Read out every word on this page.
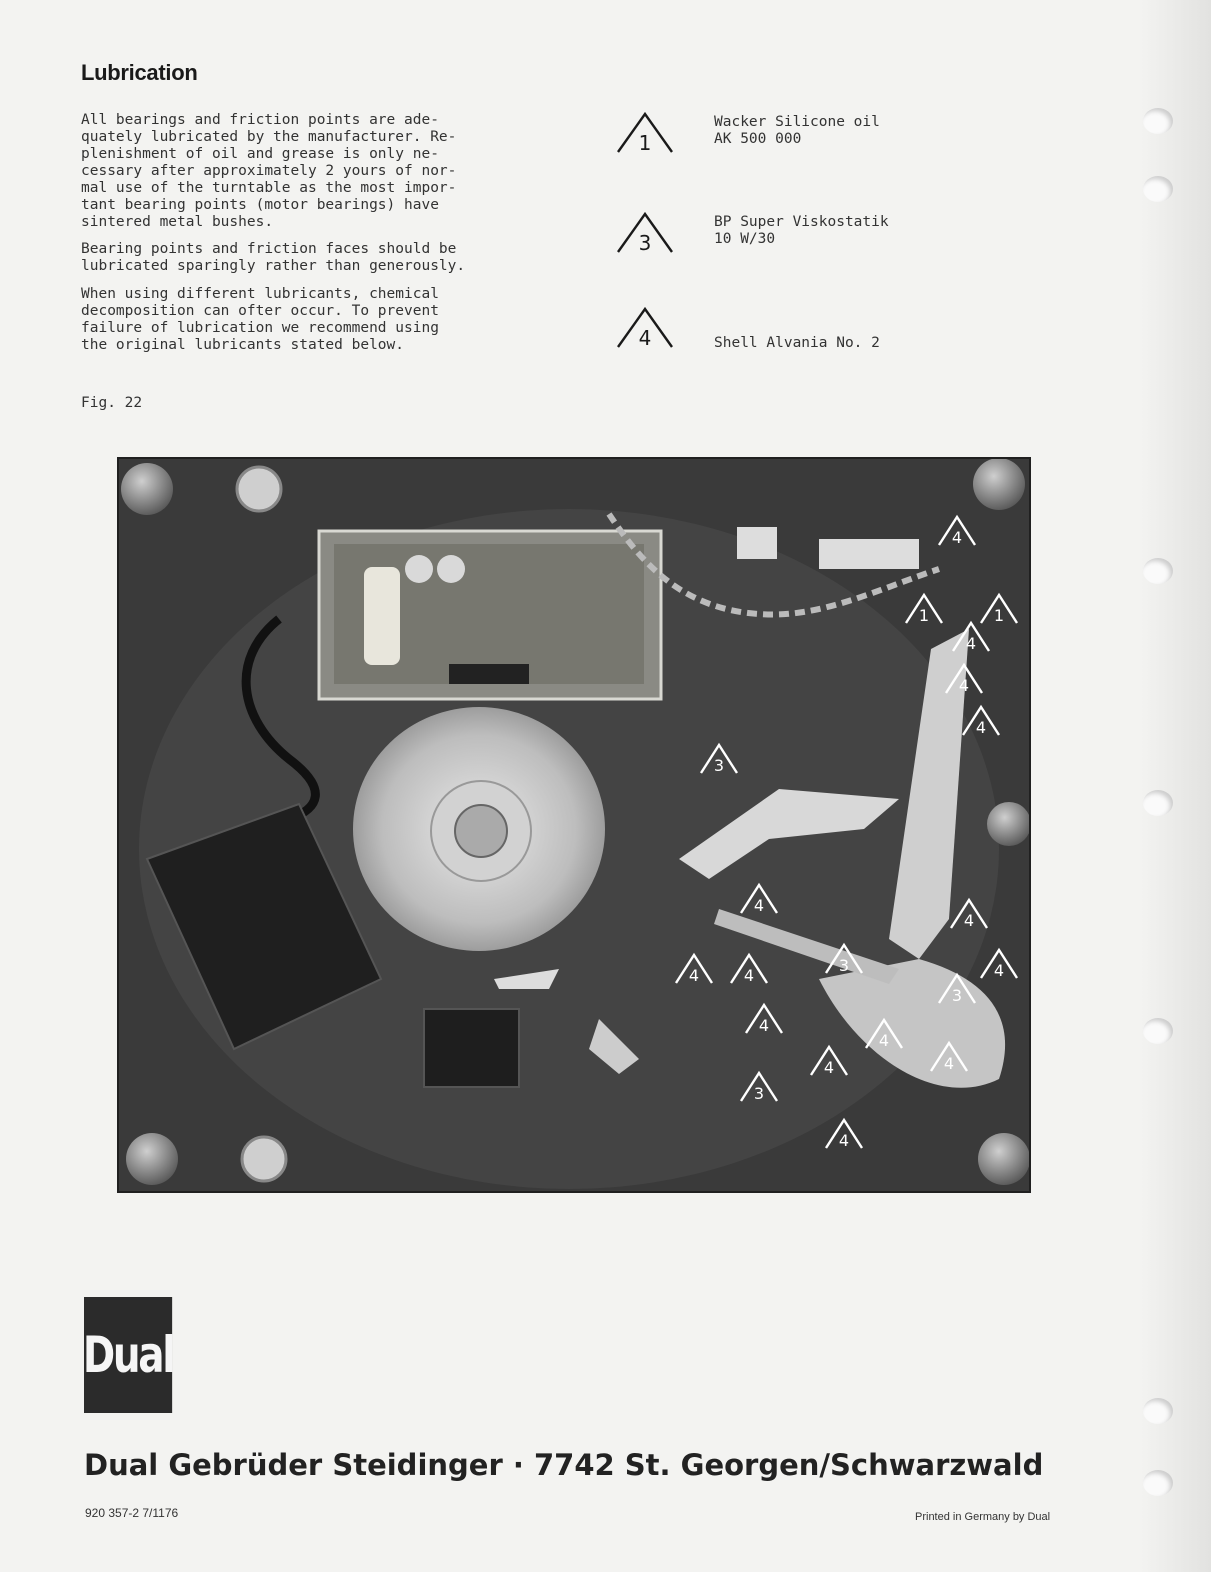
Lubrication

All bearings and friction points are ade-
quately lubricated by the manufacturer. Re-
plenishment of oil and grease is only ne-
cessary after approximately 2 yours of nor-
mal use of the turntable as the most impor-
tant bearing points (motor bearings) have
sintered metal bushes.

Bearing points and friction faces should be
lubricated sparingly rather than generously.

When using different lubricants, chemical
decomposition can ofter occur. To prevent
failure of lubrication we recommend using
the original lubricants stated below.

1
Wacker Silicone oil
AK 500 000
3
BP Super Viskostatik
10 W/30
4	Shell Alvania No. 2
Fig. 22
4
1	1
4
4
4
3
4
4
4	4
3
3
4
4
4
4
3
4
4
Dual

Dual Gebrüder Steidinger · 7742 St. Georgen/Schwarzwald

920 357-2 7/1176	Printed in Germany by Dual
